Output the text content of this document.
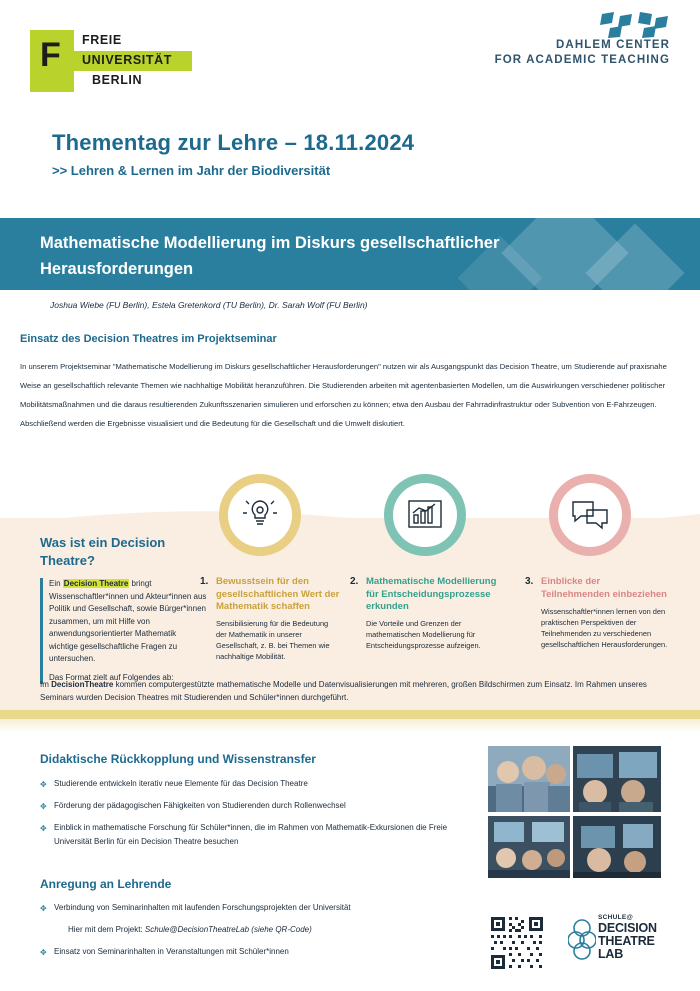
F FREIE
UNIVERSITÄT
BERLIN
DAHLEM CENTER
FOR ACADEMIC TEACHING
Thementag zur Lehre – 18.11.2024
>> Lehren & Lernen im Jahr der Biodiversität
Mathematische Modellierung im Diskurs gesellschaftlicher Herausforderungen
Joshua Wiebe (FU Berlin), Estela Gretenkord (TU Berlin), Dr. Sarah Wolf (FU Berlin)
Einsatz des Decision Theatres im Projektseminar
In unserem Projektseminar "Mathematische Modellierung im Diskurs gesellschaftlicher Herausforderungen" nutzen wir als Ausgangspunkt das Decision Theatre, um Studierende auf praxisnahe Weise an gesellschaftlich relevante Themen wie nachhaltige Mobilität heranzuführen. Die Studierenden arbeiten mit agentenbasierten Modellen, um die Auswirkungen verschiedener politischer Mobilitätsmaßnahmen und die daraus resultierenden Zukunftsszenarien simulieren und erforschen zu können; etwa den Ausbau der Fahrradinfrastruktur oder Subvention von E-Fahrzeugen. Abschließend werden die Ergebnisse visualisiert und die Bedeutung für die Gesellschaft und die Umwelt diskutiert.
Was ist ein Decision Theatre?
Ein Decision Theatre bringt Wissenschaftler*innen und Akteur*innen aus Politik und Gesellschaft, sowie Bürger*innen zusammen, um mit Hilfe von anwendungsorientierter Mathematik wichtige gesellschaftliche Fragen zu untersuchen.
Das Format zielt auf Folgendes ab:
1. Bewusstsein für den gesellschaftlichen Wert der Mathematik schaffen
Sensibilisierung für die Bedeutung der Mathematik in unserer Gesellschaft, z. B. bei Themen wie nachhaltige Mobilität.
2. Mathematische Modellierung für Entscheidungsprozesse erkunden
Die Vorteile und Grenzen der mathematischen Modellierung für Entscheidungsprozesse aufzeigen.
3. Einblicke der Teilnehmenden einbeziehen
Wissenschaftler*innen lernen von den praktischen Perspektiven der Teilnehmenden zu verschiedenen gesellschaftlichen Herausforderungen.
Im DecisionTheatre kommen computergestützte mathematische Modelle und Datenvisualisierungen mit mehreren, großen Bildschirmen zum Einsatz. Im Rahmen unseres Seminars wurden Decision Theatres mit Studierenden und Schüler*innen durchgeführt.
Didaktische Rückkopplung und Wissenstransfer
✥ Studierende entwickeln iterativ neue Elemente für das Decision Theatre
✥ Förderung der pädagogischen Fähigkeiten von Studierenden durch Rollenwechsel
✥ Einblick in mathematische Forschung für Schüler*innen, die im Rahmen von Mathematik-Exkursionen die Freie Universität Berlin für ein Decision Theatre besuchen
Anregung an Lehrende
✥ Verbindung von Seminarinhalten mit laufenden Forschungsprojekten der Universität
Hier mit dem Projekt: Schule@DecisionTheatreLab (siehe QR-Code)
✥ Einsatz von Seminarinhalten in Veranstaltungen mit Schüler*innen
SCHULE@
DECISION
THEATRE
LAB
